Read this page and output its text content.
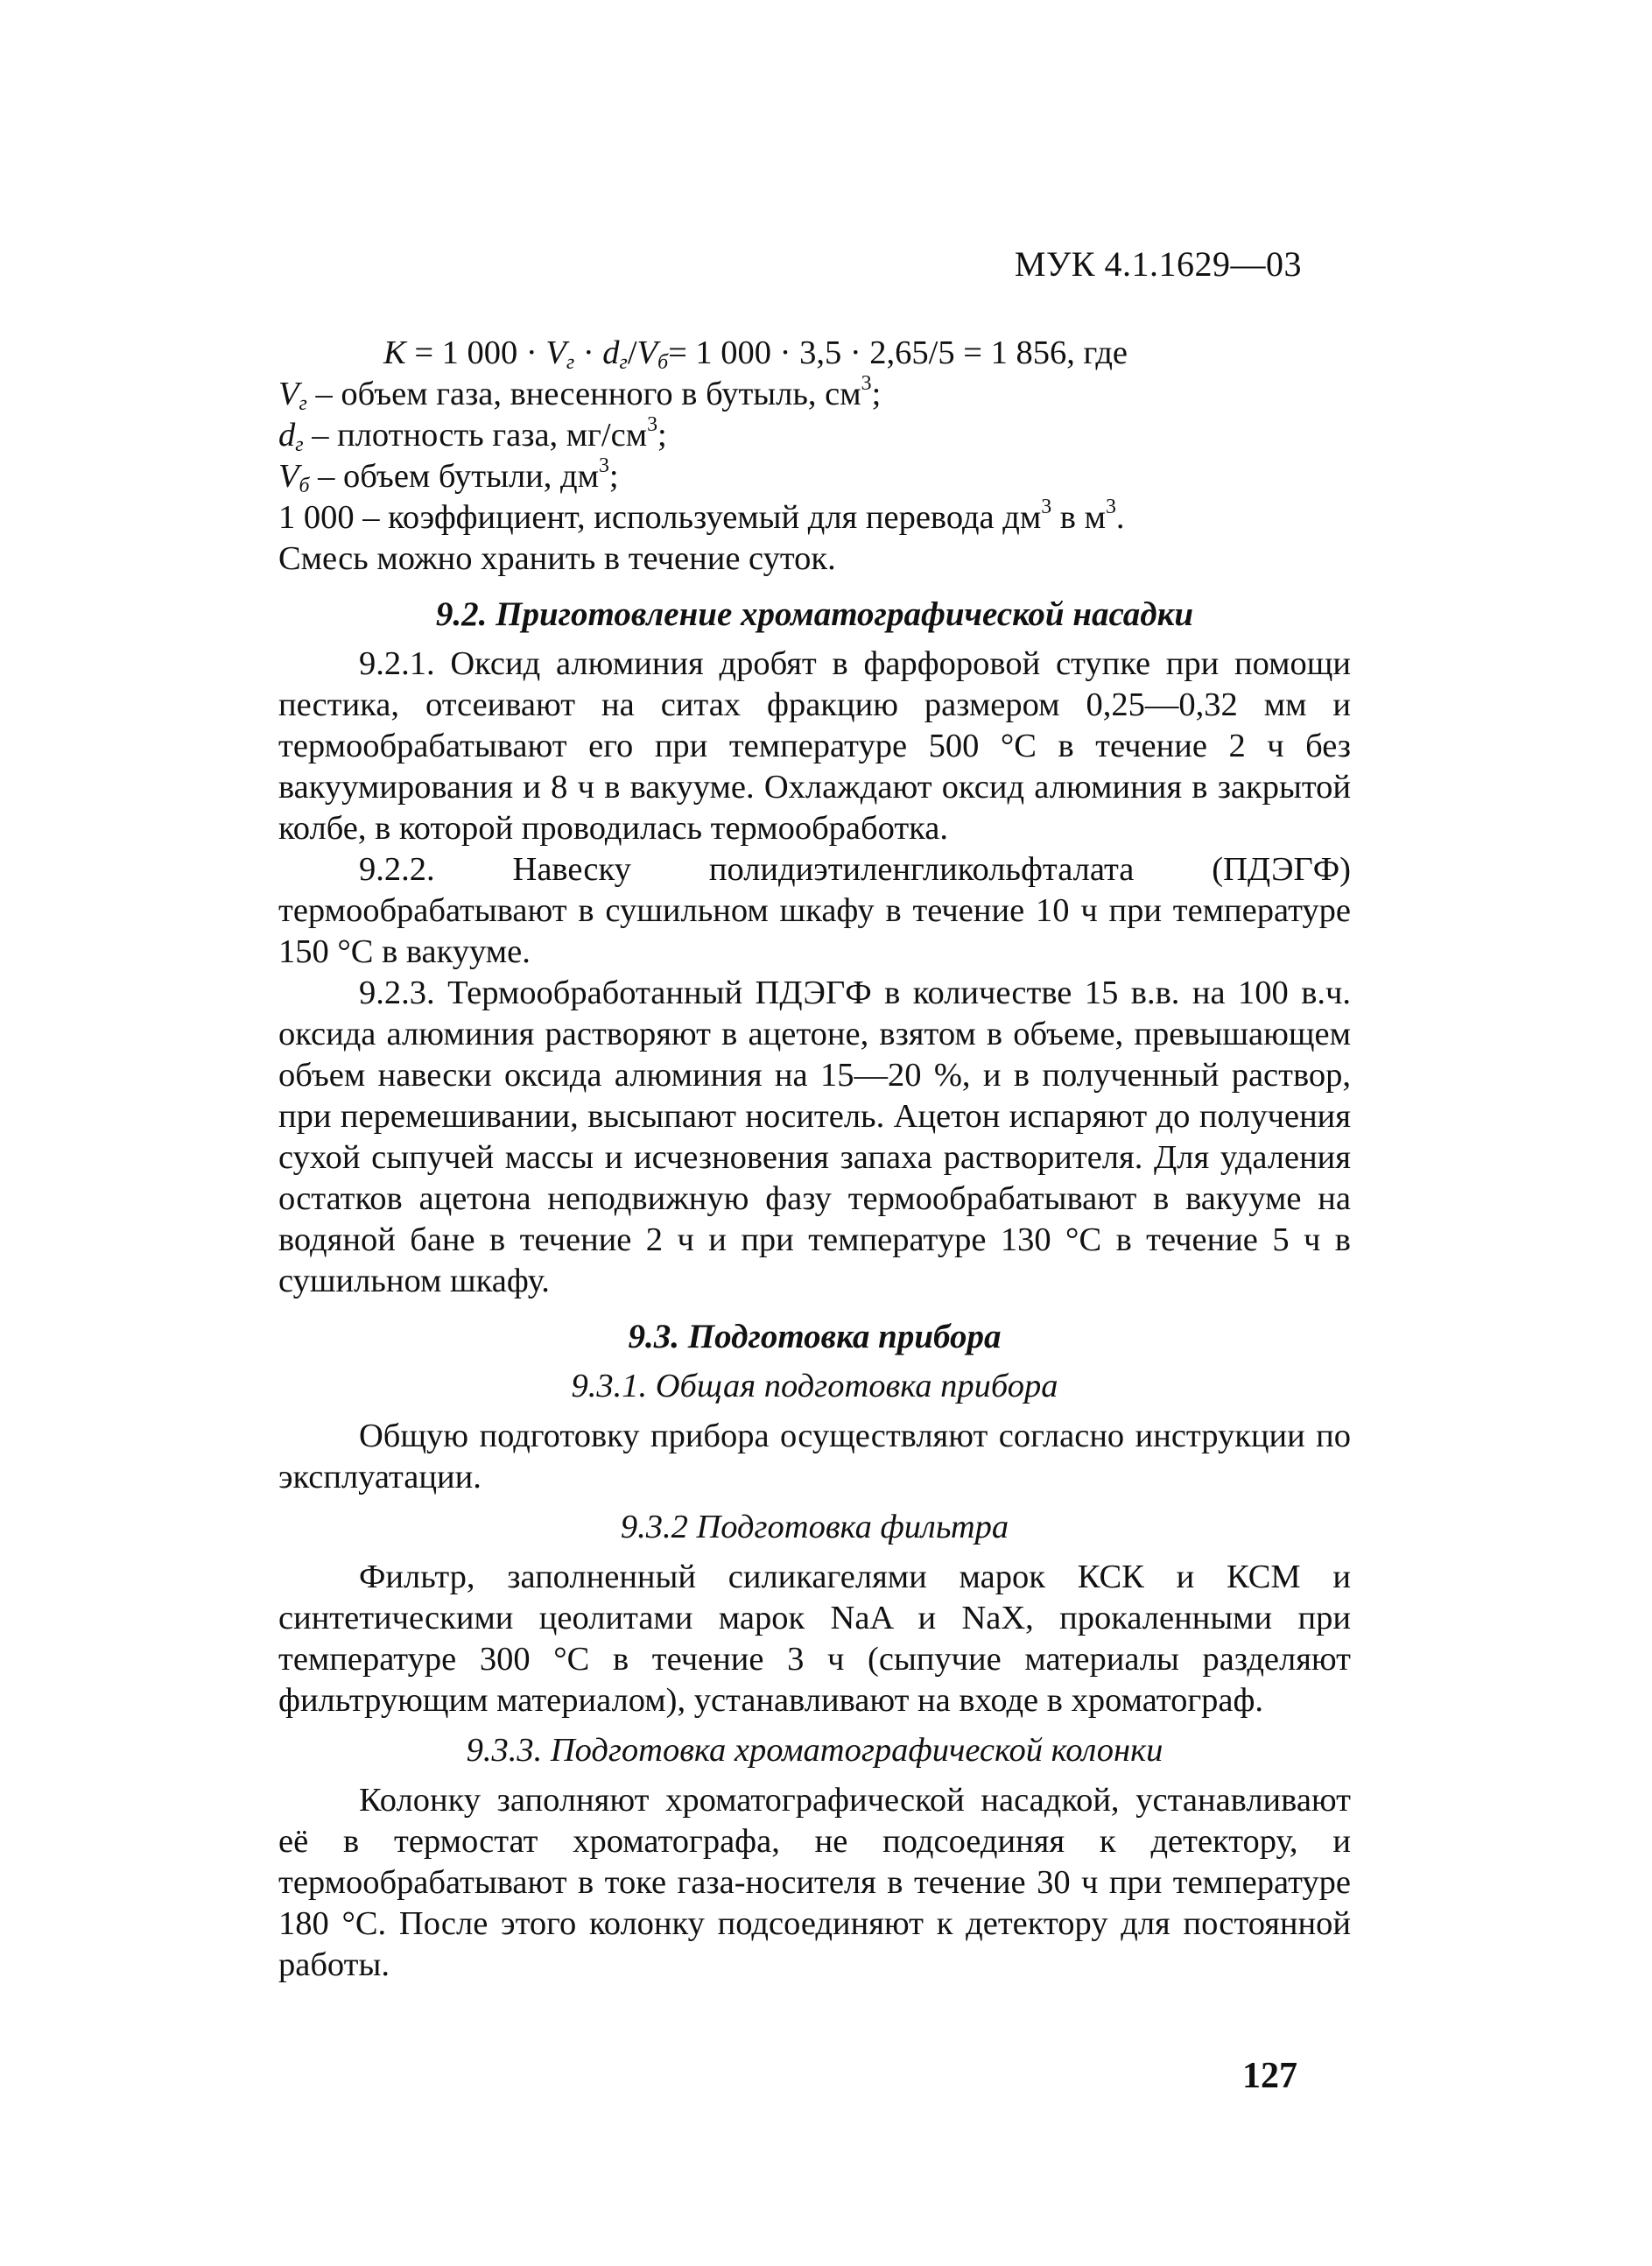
МУК 4.1.1629—03
K = 1 $000 \cdot V_г \cdot d_г/V_б= 1$ 000 · 3,5 · 2,65/5 = 1 856, где
$V_г$ – объем газа, внесенного в бутыль, $см^3$;
$d_г$ – плотность газа, $мг/см^3$;
$V_б$ – объем бутыли, $дм^3$;
1 000 – коэффициент, используемый для перевода $дм^3$ в $м^3$.
Смесь можно хранить в течение суток.
9.2. Приготовление хроматографической насадки

9.2.1. Оксид алюминия дробят в фарфоровой ступке при помощи пестика, отсеивают на ситах фракцию размером 0,25—0,32 мм и термообрабатывают его при температуре 500 °С в течение 2 ч без вакуумирования и 8 ч в вакууме. Охлаждают оксид алюминия в закрытой колбе, в которой проводилась термообработка.

9.2.2. Навеску полидиэтиленгликольфталата (ПДЭГФ) термообрабатывают в сушильном шкафу в течение 10 ч при температуре 150 °С в вакууме.

9.2.3. Термообработанный ПДЭГФ в количестве 15 в.в. на 100 в.ч. оксида алюминия растворяют в ацетоне, взятом в объеме, превышающем объем навески оксида алюминия на 15—20 %, и в полученный раствор, при перемешивании, высыпают носитель. Ацетон испаряют до получения сухой сыпучей массы и исчезновения запаха растворителя. Для удаления остатков ацетона неподвижную фазу термообрабатывают в вакууме на водяной бане в течение 2 ч и при температуре 130 °С в течение 5 ч в сушильном шкафу.

9.3. Подготовка прибора
9.3.1. Общая подготовка прибора

Общую подготовку прибора осуществляют согласно инструкции по эксплуатации.

9.3.2 Подготовка фильтра

Фильтр, заполненный силикагелями марок КСК и КСМ и синтетическими цеолитами марок NaA и NaX, прокаленными при температуре 300 °С в течение 3 ч (сыпучие материалы разделяют фильтрующим материалом), устанавливают на входе в хроматограф.

9.3.3. Подготовка хроматографической колонки

Колонку заполняют хроматографической насадкой, устанавливают её в термостат хроматографа, не подсоединяя к детектору, и термообрабатывают в токе газа-носителя в течение 30 ч при температуре 180 °С. После этого колонку подсоединяют к детектору для постоянной работы.

127
